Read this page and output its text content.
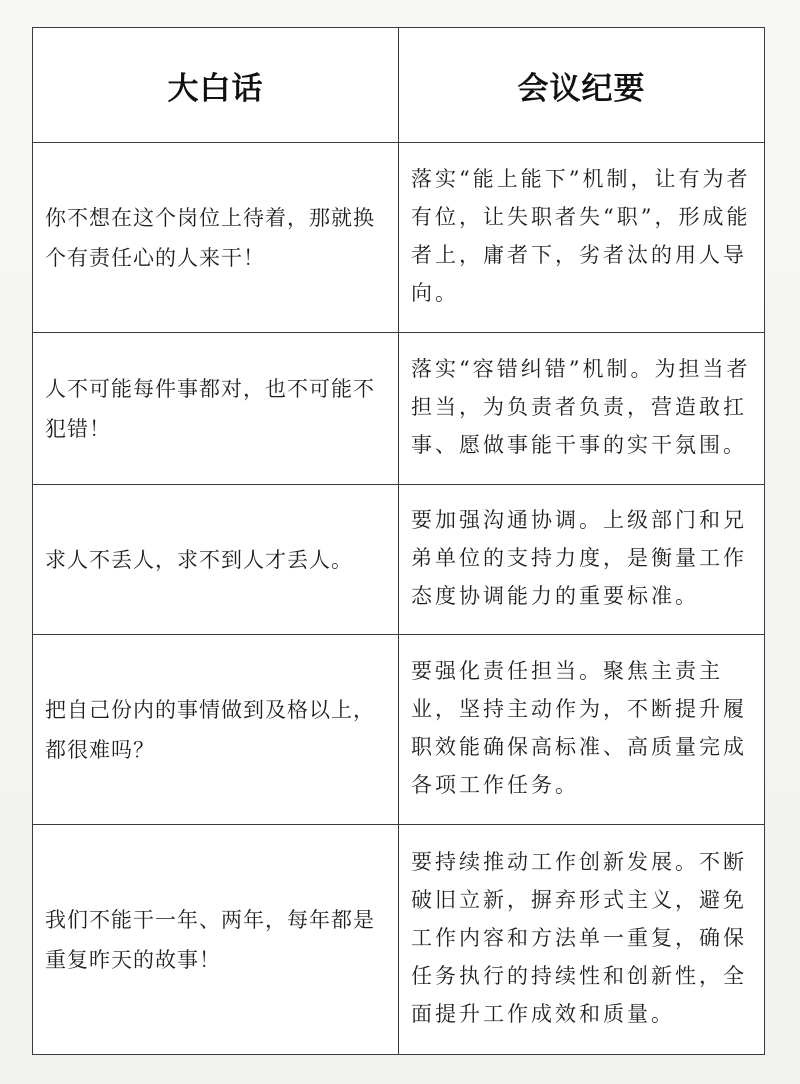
大白话	会议纪要
你不想在这个岗位上待着，那就换个有责任心的人来干！	落实“能上能下”机制，让有为者有位，让失职者失“职”，形成能者上，庸者下，劣者汰的用人导向。
人不可能每件事都对，也不可能不犯错！	落实“容错纠错”机制。为担当者担当，为负责者负责，营造敢扛事、愿做事能干事的实干氛围。
求人不丢人，求不到人才丢人。	要加强沟通协调。上级部门和兄弟单位的支持力度，是衡量工作态度协调能力的重要标准。
把自己份内的事情做到及格以上，都很难吗？	要强化责任担当。聚焦主责主业，坚持主动作为，不断提升履职效能确保高标准、高质量完成各项工作任务。
我们不能干一年、两年，每年都是重复昨天的故事！	要持续推动工作创新发展。不断破旧立新，摒弃形式主义，避免工作内容和方法单一重复，确保任务执行的持续性和创新性，全面提升工作成效和质量。
